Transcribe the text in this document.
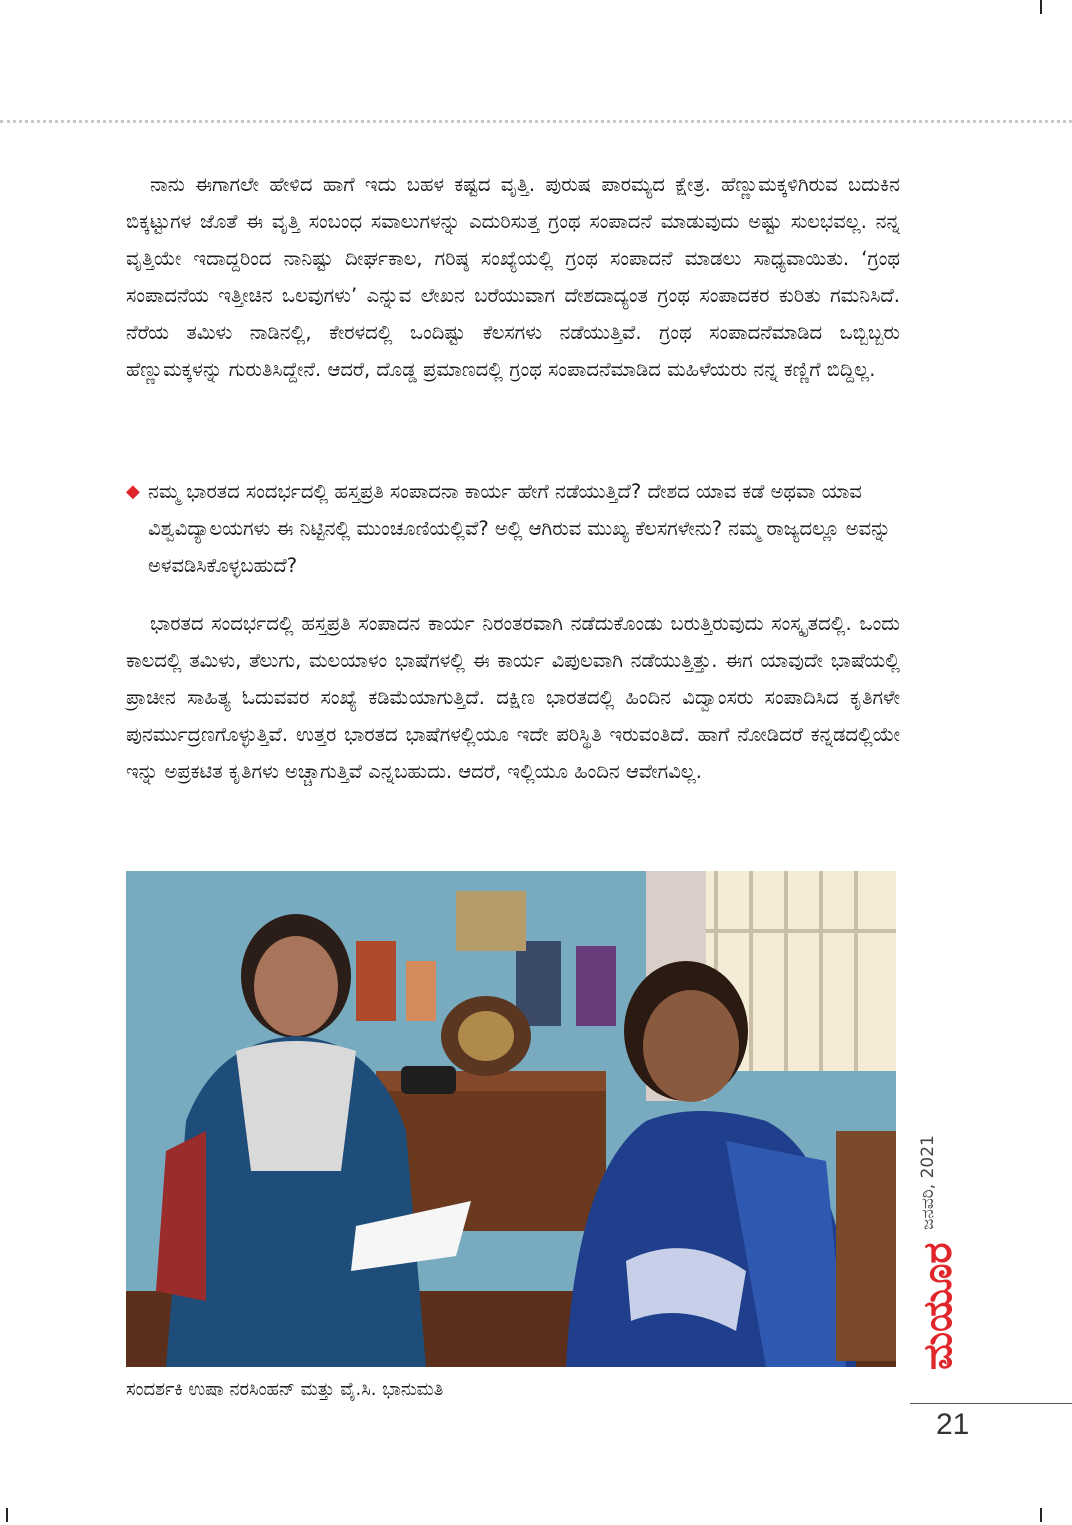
ನಾನು ಈಗಾಗಲೇ ಹೇಳಿದ ಹಾಗೆ ಇದು ಬಹಳ ಕಷ್ಟದ ವೃತ್ತಿ. ಪುರುಷ ಪಾರಮ್ಯದ ಕ್ಷೇತ್ರ. ಹೆಣ್ಣುಮಕ್ಕಳಿಗಿರುವ ಬದುಕಿನ ಬಿಕ್ಕಟ್ಟುಗಳ ಜೊತೆ ಈ ವೃತ್ತಿ ಸಂಬಂಧ ಸವಾಲುಗಳನ್ನು ಎದುರಿಸುತ್ತ ಗ್ರಂಥ ಸಂಪಾದನೆ ಮಾಡುವುದು ಅಷ್ಟು ಸುಲಭವಲ್ಲ. ನನ್ನ ವೃತ್ತಿಯೇ ಇದಾದ್ದರಿಂದ ನಾನಿಷ್ಟು ದೀರ್ಘಕಾಲ, ಗರಿಷ್ಠ ಸಂಖ್ಯೆಯಲ್ಲಿ ಗ್ರಂಥ ಸಂಪಾದನೆ ಮಾಡಲು ಸಾಧ್ಯವಾಯಿತು. ‘ಗ್ರಂಥ ಸಂಪಾದನೆಯ ಇತ್ತೀಚಿನ ಒಲವುಗಳು’ ಎನ್ನುವ ಲೇಖನ ಬರೆಯುವಾಗ ದೇಶದಾದ್ಯಂತ ಗ್ರಂಥ ಸಂಪಾದಕರ ಕುರಿತು ಗಮನಿಸಿದೆ. ನೆರೆಯ ತಮಿಳು ನಾಡಿನಲ್ಲಿ, ಕೇರಳದಲ್ಲಿ ಒಂದಿಷ್ಟು ಕೆಲಸಗಳು ನಡೆಯುತ್ತಿವೆ. ಗ್ರಂಥ ಸಂಪಾದನೆಮಾಡಿದ ಒಬ್ಬಿಬ್ಬರು ಹೆಣ್ಣುಮಕ್ಕಳನ್ನು ಗುರುತಿಸಿದ್ದೇನೆ. ಆದರೆ, ದೊಡ್ಡ ಪ್ರಮಾಣದಲ್ಲಿ ಗ್ರಂಥ ಸಂಪಾದನೆಮಾಡಿದ ಮಹಿಳೆಯರು ನನ್ನ ಕಣ್ಣಿಗೆ ಬಿದ್ದಿಲ್ಲ.

◆ ನಮ್ಮ ಭಾರತದ ಸಂದರ್ಭದಲ್ಲಿ ಹಸ್ತಪ್ರತಿ ಸಂಪಾದನಾ ಕಾರ್ಯ ಹೇಗೆ ನಡೆಯುತ್ತಿದೆ? ದೇಶದ ಯಾವ ಕಡೆ ಅಥವಾ ಯಾವ ವಿಶ್ವವಿದ್ಯಾಲಯಗಳು ಈ ನಿಟ್ಟಿನಲ್ಲಿ ಮುಂಚೂಣಿಯಲ್ಲಿವೆ? ಅಲ್ಲಿ ಆಗಿರುವ ಮುಖ್ಯ ಕೆಲಸಗಳೇನು? ನಮ್ಮ ರಾಜ್ಯದಲ್ಲೂ ಅವನ್ನು ಅಳವಡಿಸಿಕೊಳ್ಳಬಹುದೆ?

ಭಾರತದ ಸಂದರ್ಭದಲ್ಲಿ ಹಸ್ತಪ್ರತಿ ಸಂಪಾದನ ಕಾರ್ಯ ನಿರಂತರವಾಗಿ ನಡೆದುಕೊಂಡು ಬರುತ್ತಿರುವುದು ಸಂಸ್ಕೃತದಲ್ಲಿ. ಒಂದು ಕಾಲದಲ್ಲಿ ತಮಿಳು, ತೆಲುಗು, ಮಲಯಾಳಂ ಭಾಷೆಗಳಲ್ಲಿ ಈ ಕಾರ್ಯ ವಿಪುಲವಾಗಿ ನಡೆಯುತ್ತಿತ್ತು. ಈಗ ಯಾವುದೇ ಭಾಷೆಯಲ್ಲಿ ಪ್ರಾಚೀನ ಸಾಹಿತ್ಯ ಓದುವವರ ಸಂಖ್ಯೆ ಕಡಿಮೆಯಾಗುತ್ತಿದೆ. ದಕ್ಷಿಣ ಭಾರತದಲ್ಲಿ ಹಿಂದಿನ ವಿದ್ವಾಂಸರು ಸಂಪಾದಿಸಿದ ಕೃತಿಗಳೇ ಪುನರ್ಮುದ್ರಣಗೊಳ್ಳುತ್ತಿವೆ. ಉತ್ತರ ಭಾರತದ ಭಾಷೆಗಳಲ್ಲಿಯೂ ಇದೇ ಪರಿಸ್ಥಿತಿ ಇರುವಂತಿದೆ. ಹಾಗೆ ನೋಡಿದರೆ ಕನ್ನಡದಲ್ಲಿಯೇ ಇನ್ನು ಅಪ್ರಕಟಿತ ಕೃತಿಗಳು ಅಚ್ಚಾಗುತ್ತಿವೆ ಎನ್ನಬಹುದು. ಆದರೆ, ಇಲ್ಲಿಯೂ ಹಿಂದಿನ ಆವೇಗವಿಲ್ಲ.

ಸಂದರ್ಶಕಿ ಉಷಾ ನರಸಿಂಹನ್ ಮತ್ತು ವೈ.ಸಿ. ಭಾನುಮತಿ
ಜನವರಿ, 2021
ಮಯೂರ
21
